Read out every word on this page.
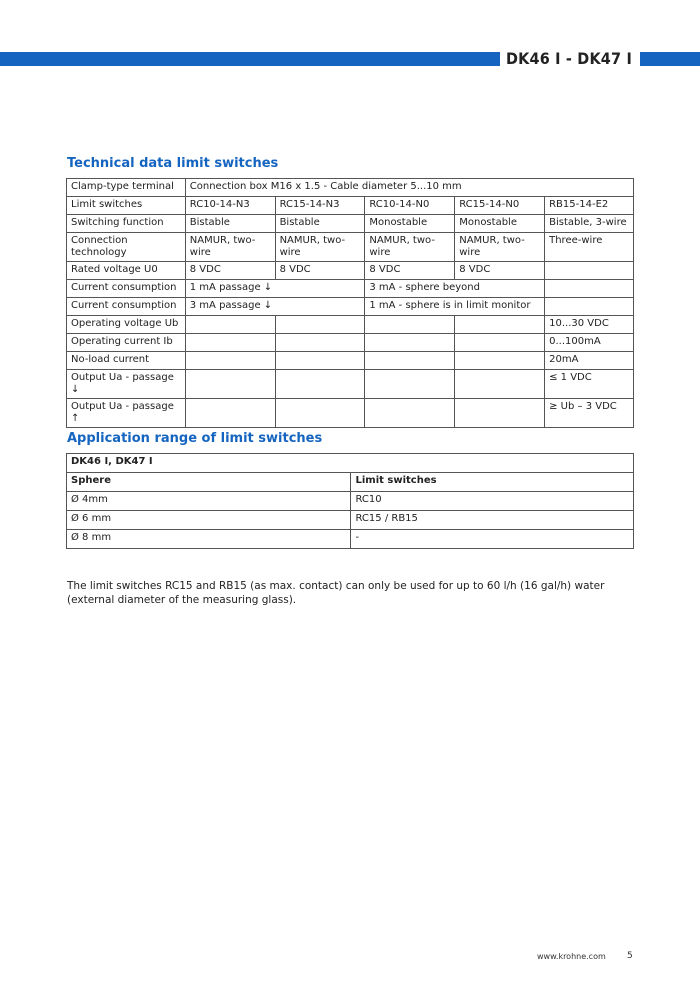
DK46 I - DK47 I
Technical data limit switches
Clamp-type terminal	Connection box M16 x 1.5 - Cable diameter 5...10 mm				
Limit switches	RC10-14-N3	RC15-14-N3	RC10-14-N0	RC15-14-N0	RB15-14-E2
Switching function	Bistable	Bistable	Monostable	Monostable	Bistable, 3-wire
Connection technology	NAMUR, two-wire	NAMUR, two-wire	NAMUR, two-wire	NAMUR, two-wire	Three-wire
Rated voltage U0	8 VDC	8 VDC	8 VDC	8 VDC	
Current consumption	1 mA passage ↓		3 mA - sphere beyond		
Current consumption	3 mA passage ↓		1 mA - sphere is in limit monitor		
Operating voltage Ub					10...30 VDC
Operating current Ib					0...100mA
No-load current					20mA
Output Ua - passage ↓					≤ 1 VDC
Output Ua - passage ↑					≥ Ub – 3 VDC
Application range of limit switches
DK46 I, DK47 I	
Sphere	Limit switches
Ø 4mm	RC10
Ø 6 mm	RC15 / RB15
Ø 8 mm	-
The limit switches RC15 and RB15 (as max. contact) can only be used for up to 60 l/h (16 gal/h) water (external diameter of the measuring glass).
www.krohne.com 5
